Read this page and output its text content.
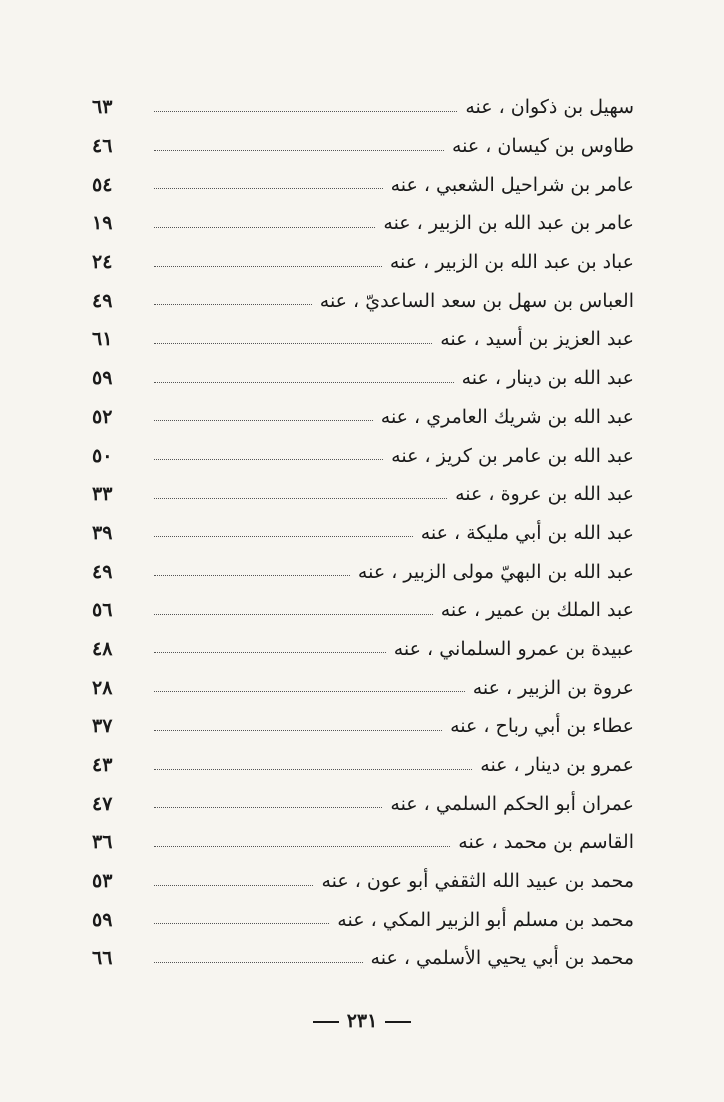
سهيل بن ذكوان ، عنه
٦٣
طاوس بن كيسان ، عنه
٤٦
عامر بن شراحيل الشعبي ، عنه
٥٤
عامر بن عبد الله بن الزبير ، عنه
١٩
عباد بن عبد الله بن الزبير ، عنه
٢٤
العباس بن سهل بن سعد الساعديّ ، عنه
٤٩
عبد العزيز بن أسيد ، عنه
٦١
عبد الله بن دينار ، عنه
٥٩
عبد الله بن شريك العامري ، عنه
٥٢
عبد الله بن عامر بن كريز ، عنه
٥٠
عبد الله بن عروة ، عنه
٣٣
عبد الله بن أبي مليكة ، عنه
٣٩
عبد الله بن البهيّ مولى الزبير ، عنه
٤٩
عبد الملك بن عمير ، عنه
٥٦
عبيدة بن عمرو السلماني ، عنه
٤٨
عروة بن الزبير ، عنه
٢٨
عطاء بن أبي رباح ، عنه
٣٧
عمرو بن دينار ، عنه
٤٣
عمران أبو الحكم السلمي ، عنه
٤٧
القاسم بن محمد ، عنه
٣٦
محمد بن عبيد الله الثقفي أبو عون ، عنه
٥٣
محمد بن مسلم أبو الزبير المكي ، عنه
٥٩
محمد بن أبي يحيي الأسلمي ، عنه
٦٦
٢٣١
